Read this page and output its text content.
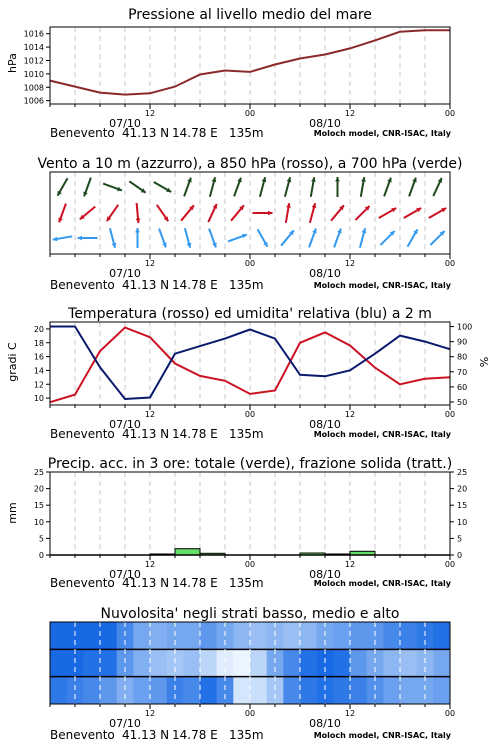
Pressione al livello medio del mare
hPa
Benevento 41.13 N 14.78 E 135m	Moloch model, CNR-ISAC, Italy
Vento a 10 m (azzurro), a 850 hPa (rosso), a 700 hPa (verde)
Benevento 41.13 N 14.78 E 135m	Moloch model, CNR-ISAC, Italy
Temperatura (rosso) ed umidita' relativa (blu) a 2 m
gradi C	%
Benevento 41.13 N 14.78 E 135m	Moloch model, CNR-ISAC, Italy
Precip. acc. in 3 ore: totale (verde), frazione solida (tratt.)
mm
Benevento 41.13 N 14.78 E 135m	Moloch model, CNR-ISAC, Italy
Nuvolosita' negli strati basso, medio e alto
Benevento 41.13 N 14.78 E 135m	Moloch model, CNR-ISAC, Italy
12	00	12	00
07/10	08/10
1006
1008
1010
1012
1014
1016
12	00	12	00
07/10	08/10
12	00	12	00
07/10	08/10
10
12
14
16
18
20
50
60
70
80
90
100
12	00	12	00
07/10	08/10
0
5
10
15
20
25
0
5
10
15
20
25
12	00	12	00
07/10	08/10
